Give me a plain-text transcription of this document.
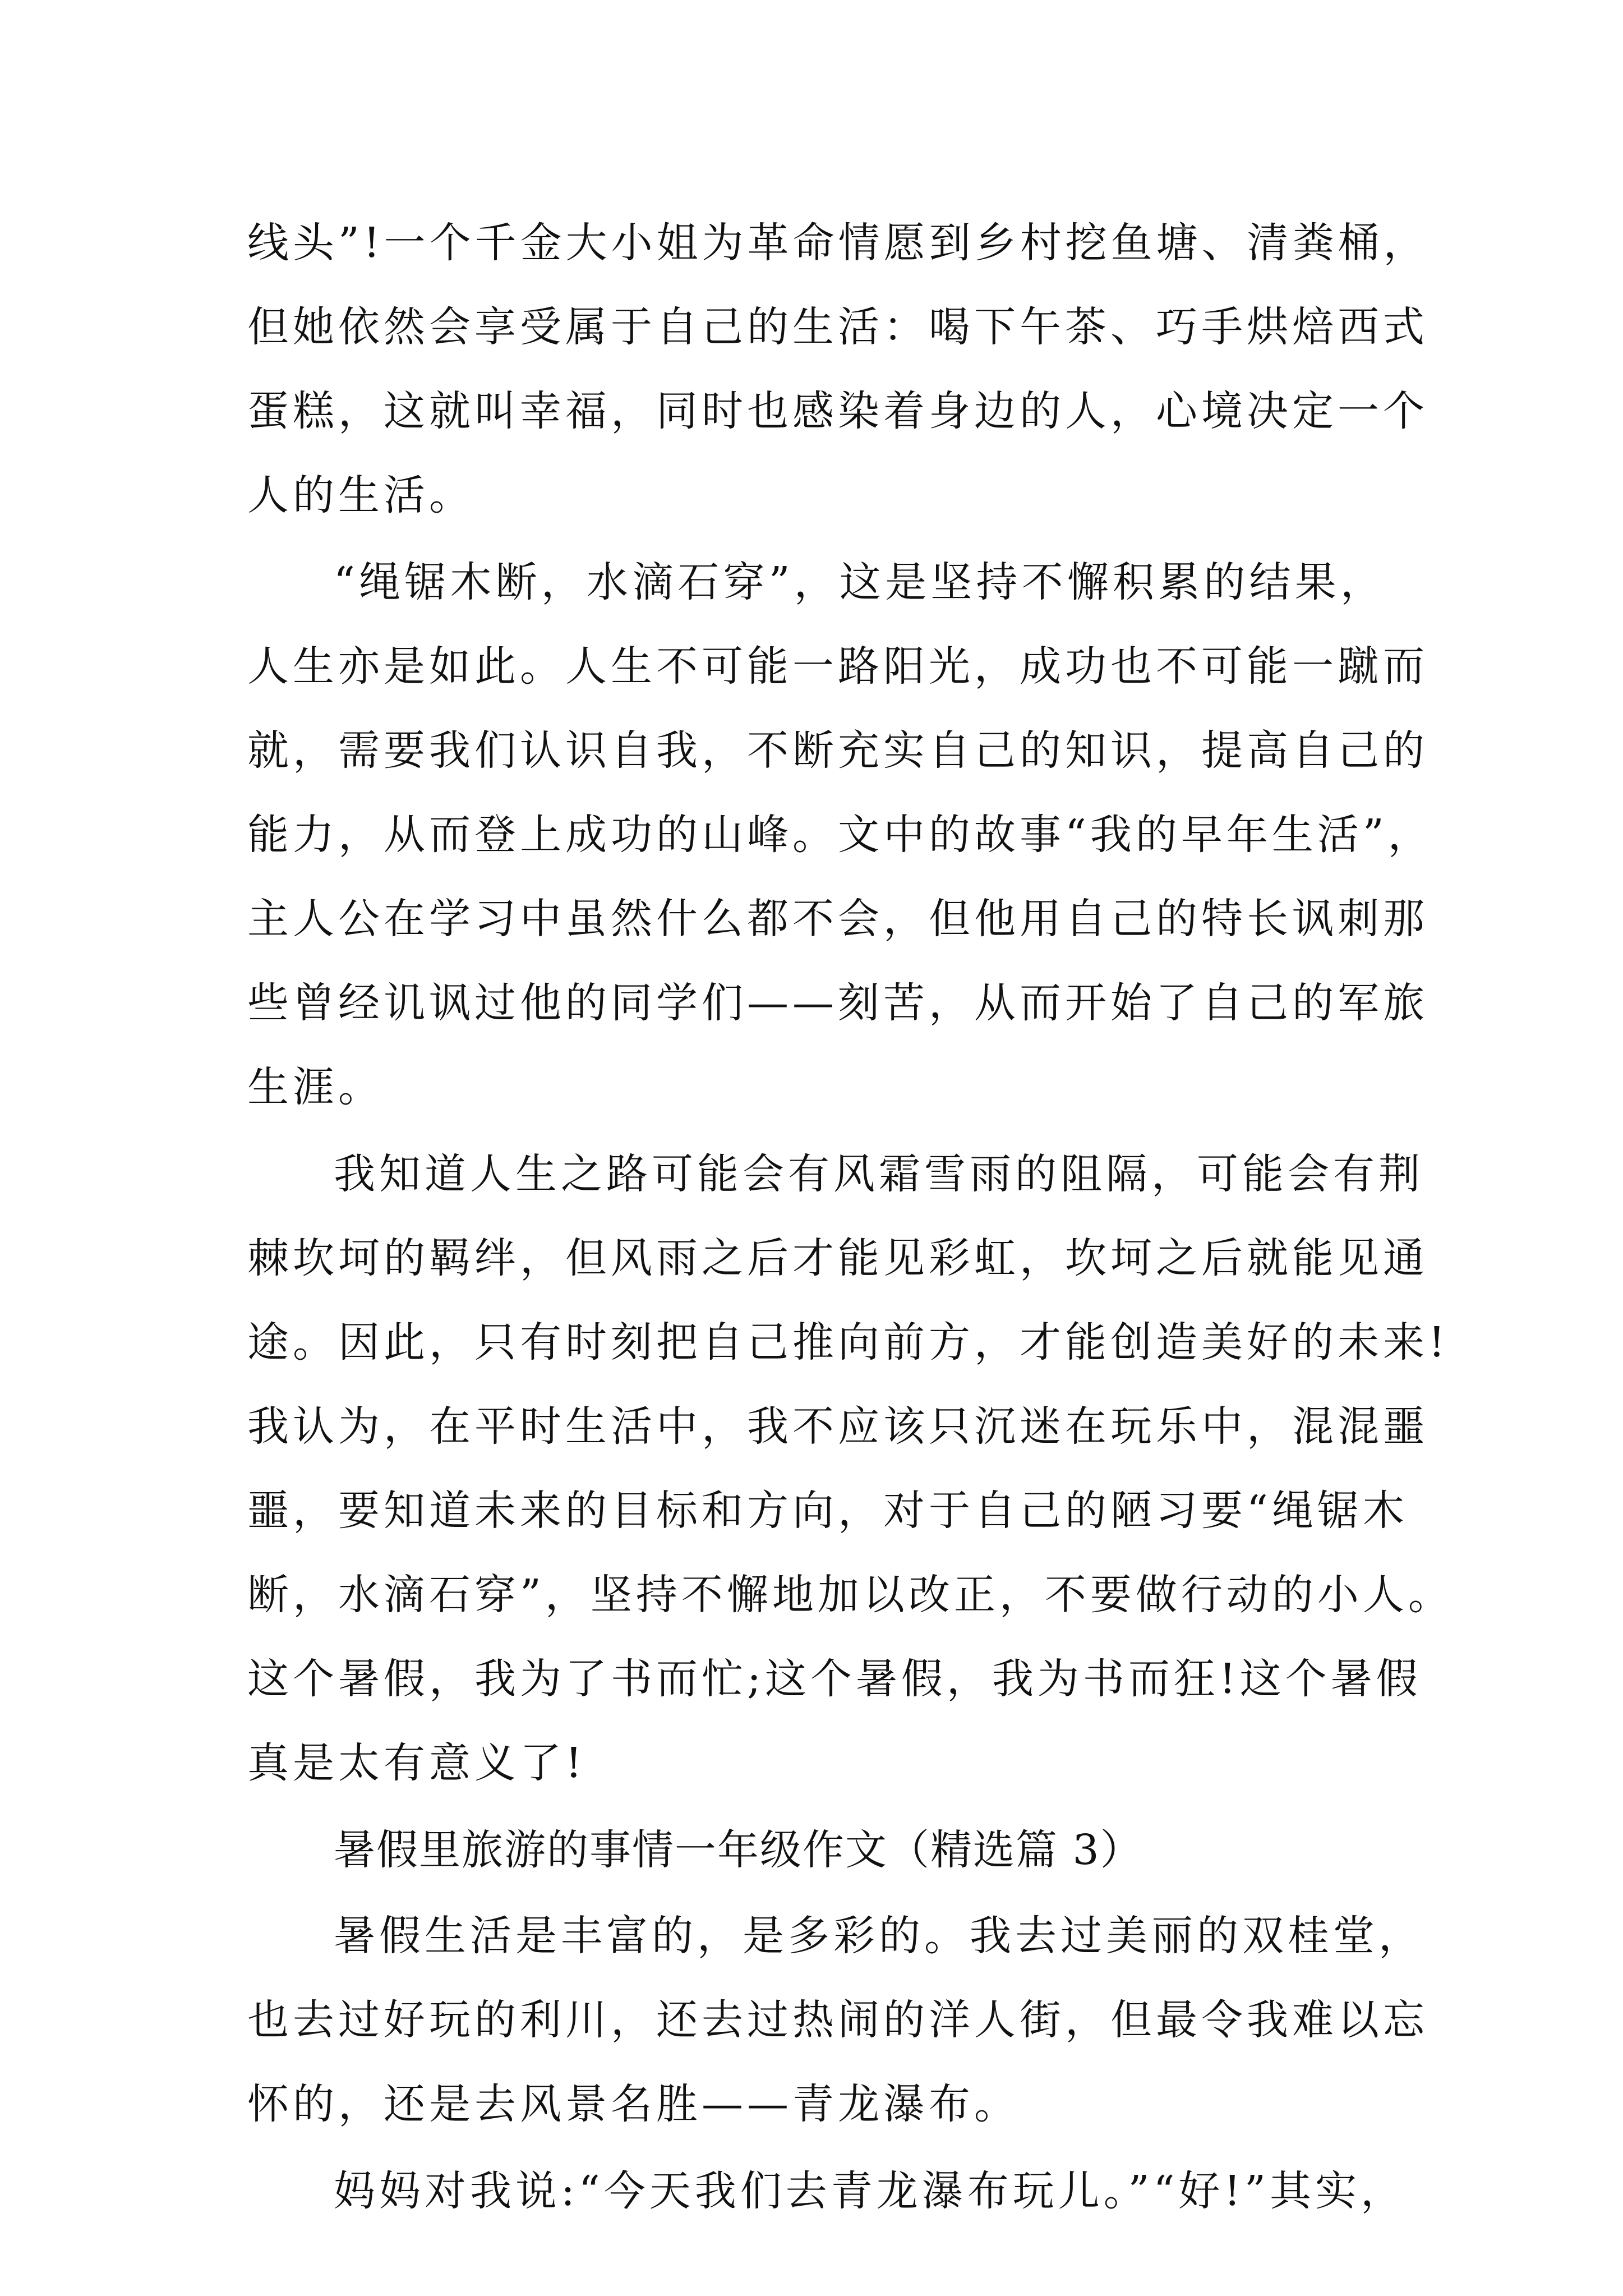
线头”!一个千金大小姐为革命情愿到乡村挖鱼塘、清粪桶，
但她依然会享受属于自己的生活：喝下午茶、巧手烘焙西式
蛋糕，这就叫幸福，同时也感染着身边的人，心境决定一个
人的生活。
“绳锯木断，水滴石穿”，这是坚持不懈积累的结果，
人生亦是如此。人生不可能一路阳光，成功也不可能一蹴而
就，需要我们认识自我，不断充实自己的知识，提高自己的
能力，从而登上成功的山峰。文中的故事“我的早年生活”，
主人公在学习中虽然什么都不会，但他用自己的特长讽刺那
些曾经讥讽过他的同学们——刻苦，从而开始了自己的军旅
生涯。
我知道人生之路可能会有风霜雪雨的阻隔，可能会有荆
棘坎坷的羁绊，但风雨之后才能见彩虹，坎坷之后就能见通
途。因此，只有时刻把自己推向前方，才能创造美好的未来!
我认为，在平时生活中，我不应该只沉迷在玩乐中，混混噩
噩，要知道未来的目标和方向，对于自己的陋习要“绳锯木
断，水滴石穿”，坚持不懈地加以改正，不要做行动的小人。
这个暑假，我为了书而忙;这个暑假，我为书而狂!这个暑假
真是太有意义了!
暑假里旅游的事情一年级作文（精选篇 3）
暑假生活是丰富的，是多彩的。我去过美丽的双桂堂，
也去过好玩的利川，还去过热闹的洋人街，但最令我难以忘
怀的，还是去风景名胜——青龙瀑布。
妈妈对我说:“今天我们去青龙瀑布玩儿。”“好!”其实，
